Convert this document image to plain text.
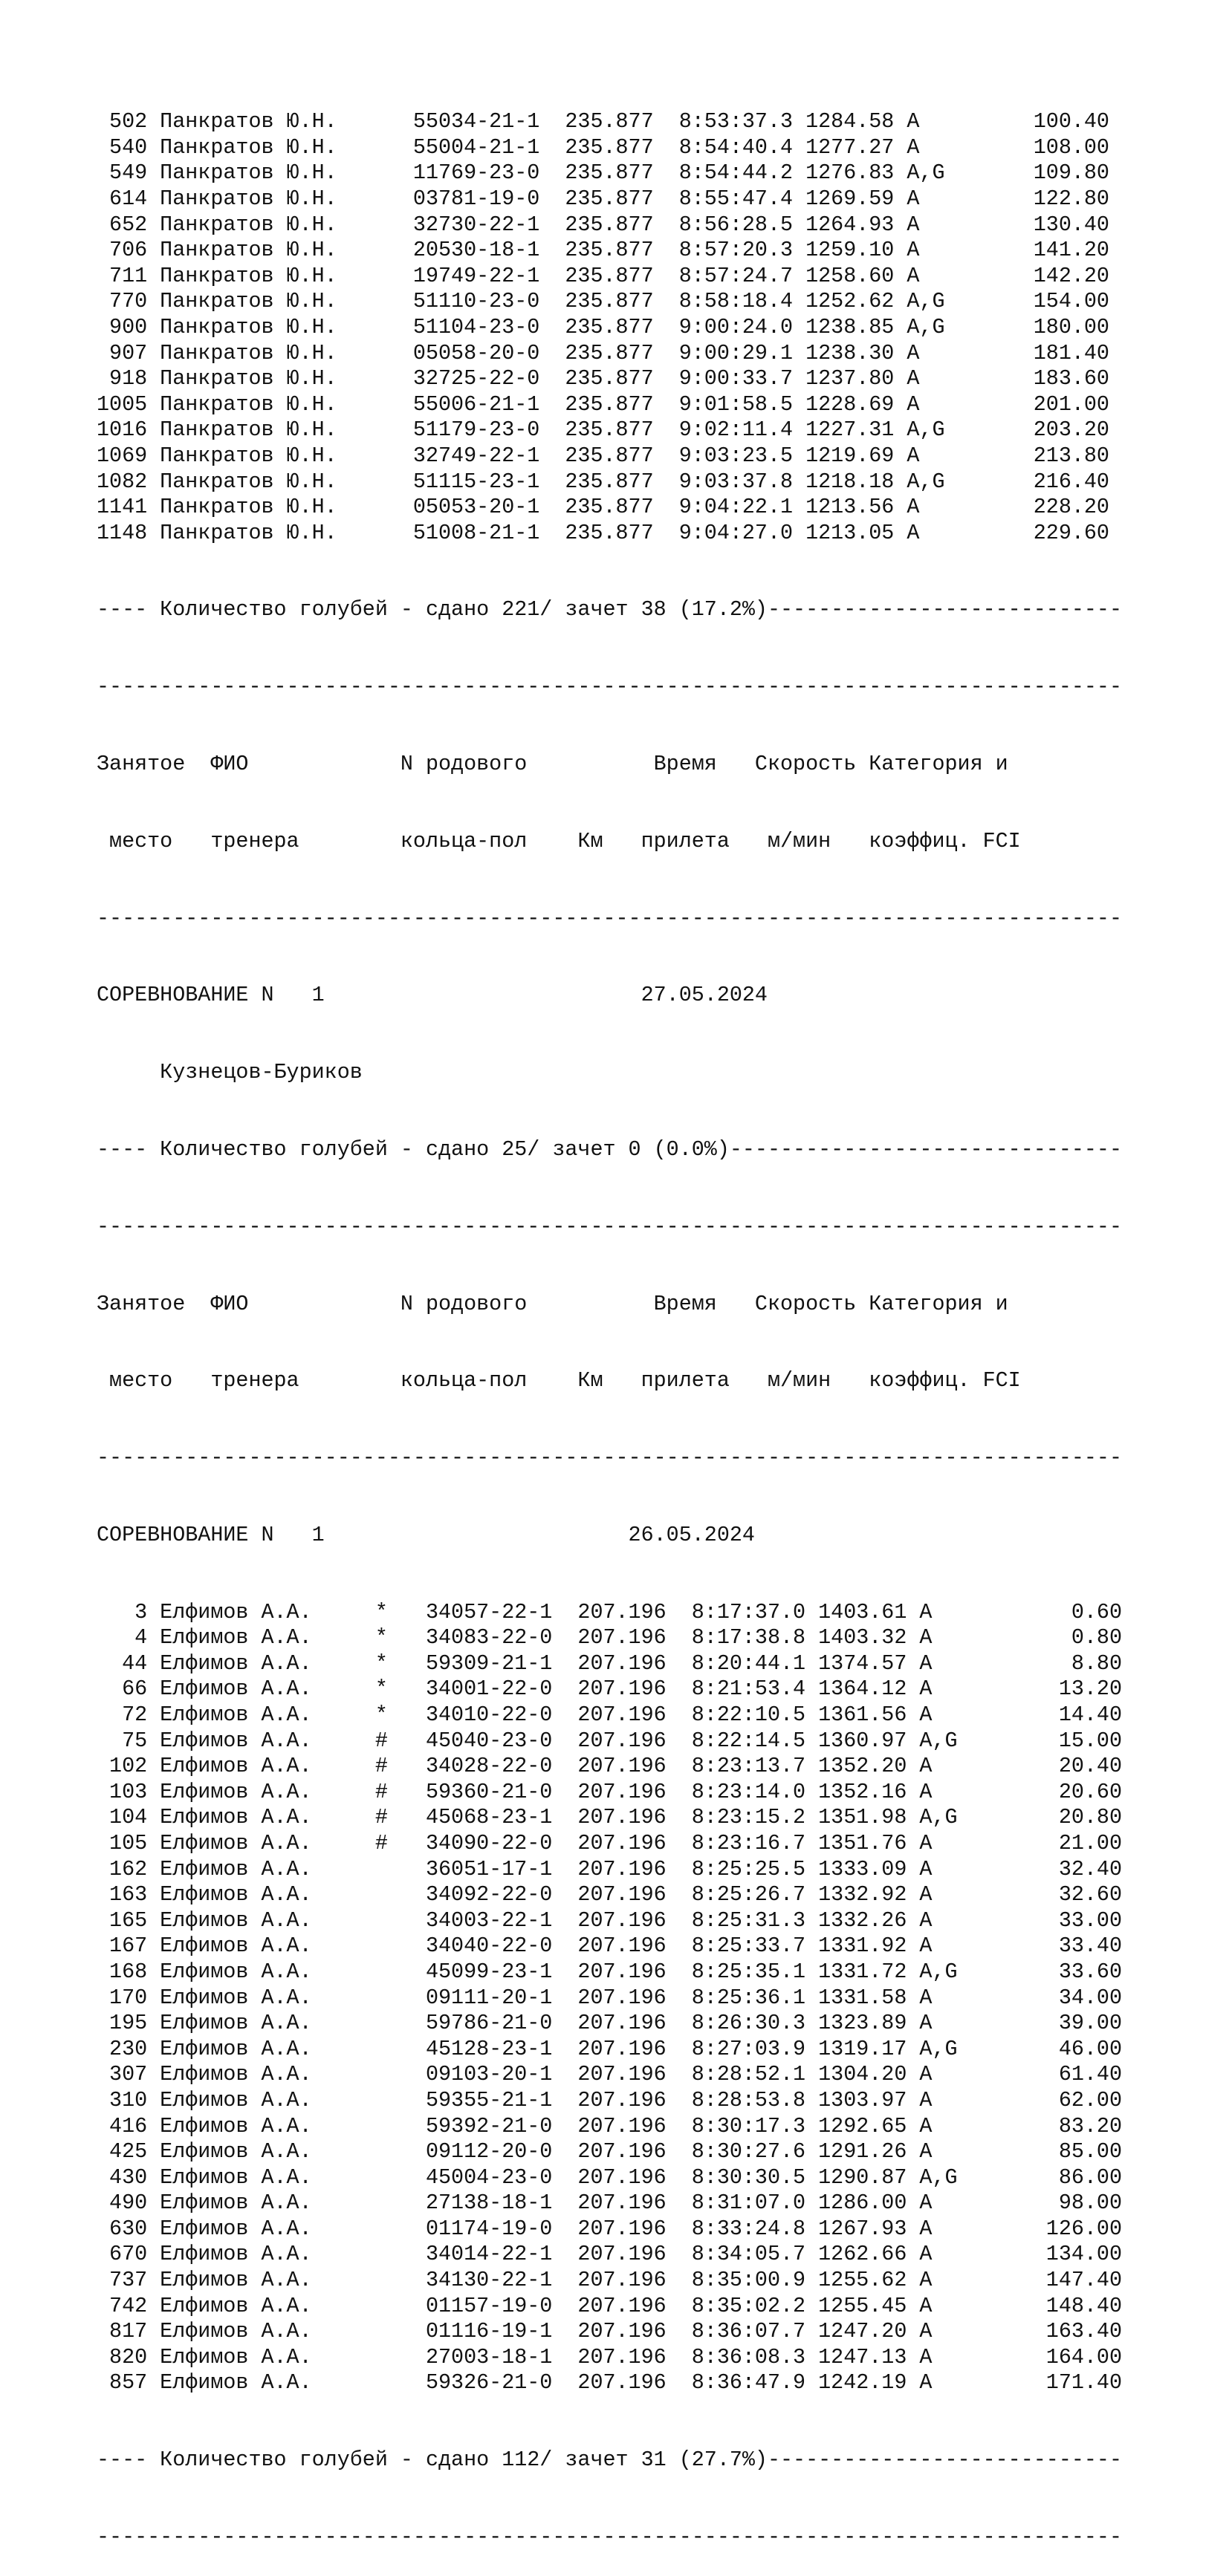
502 Панкратов Ю.Н.      55034-21-1  235.877  8:53:37.3 1284.58 A         100.40
540 Панкратов Ю.Н.      55004-21-1  235.877  8:54:40.4 1277.27 A         108.00
549 Панкратов Ю.Н.      11769-23-0  235.877  8:54:44.2 1276.83 A,G       109.80
614 Панкратов Ю.Н.      03781-19-0  235.877  8:55:47.4 1269.59 A         122.80
652 Панкратов Ю.Н.      32730-22-1  235.877  8:56:28.5 1264.93 A         130.40
706 Панкратов Ю.Н.      20530-18-1  235.877  8:57:20.3 1259.10 A         141.20
711 Панкратов Ю.Н.      19749-22-1  235.877  8:57:24.7 1258.60 A         142.20
770 Панкратов Ю.Н.      51110-23-0  235.877  8:58:18.4 1252.62 A,G       154.00
900 Панкратов Ю.Н.      51104-23-0  235.877  9:00:24.0 1238.85 A,G       180.00
907 Панкратов Ю.Н.      05058-20-0  235.877  9:00:29.1 1238.30 A         181.40
918 Панкратов Ю.Н.      32725-22-0  235.877  9:00:33.7 1237.80 A         183.60
1005 Панкратов Ю.Н.      55006-21-1  235.877  9:01:58.5 1228.69 A         201.00
1016 Панкратов Ю.Н.      51179-23-0  235.877  9:02:11.4 1227.31 A,G       203.20
1069 Панкратов Ю.Н.      32749-22-1  235.877  9:03:23.5 1219.69 A         213.80
1082 Панкратов Ю.Н.      51115-23-1  235.877  9:03:37.8 1218.18 A,G       216.40
1141 Панкратов Ю.Н.      05053-20-1  235.877  9:04:22.1 1213.56 A         228.20
1148 Панкратов Ю.Н.      51008-21-1  235.877  9:04:27.0 1213.05 A         229.60

---- Количество голубей - сдано 221/ зачет 38 (17.2%)----------------------------

---------------------------------------------------------------------------------

Занятое  ФИО            N родового          Время   Скорость Категория и

место   тренера        кольца-пол    Км   прилета   м/мин   коэффиц. FCI

---------------------------------------------------------------------------------

СОРЕВНОВАНИЕ N   1                         27.05.2024

Кузнецов-Буриков

---- Количество голубей - сдано 25/ зачет 0 (0.0%)-------------------------------

---------------------------------------------------------------------------------

Занятое  ФИО            N родового          Время   Скорость Категория и

место   тренера        кольца-пол    Км   прилета   м/мин   коэффиц. FCI

---------------------------------------------------------------------------------

СОРЕВНОВАНИЕ N   1                        26.05.2024

3 Елфимов А.А.     *   34057-22-1  207.196  8:17:37.0 1403.61 A           0.60
4 Елфимов А.А.     *   34083-22-0  207.196  8:17:38.8 1403.32 A           0.80
44 Елфимов А.А.     *   59309-21-1  207.196  8:20:44.1 1374.57 A           8.80
66 Елфимов А.А.     *   34001-22-0  207.196  8:21:53.4 1364.12 A          13.20
72 Елфимов А.А.     *   34010-22-0  207.196  8:22:10.5 1361.56 A          14.40
75 Елфимов А.А.     #   45040-23-0  207.196  8:22:14.5 1360.97 A,G        15.00
102 Елфимов А.А.     #   34028-22-0  207.196  8:23:13.7 1352.20 A          20.40
103 Елфимов А.А.     #   59360-21-0  207.196  8:23:14.0 1352.16 A          20.60
104 Елфимов А.А.     #   45068-23-1  207.196  8:23:15.2 1351.98 A,G        20.80
105 Елфимов А.А.     #   34090-22-0  207.196  8:23:16.7 1351.76 A          21.00
162 Елфимов А.А.         36051-17-1  207.196  8:25:25.5 1333.09 A          32.40
163 Елфимов А.А.         34092-22-0  207.196  8:25:26.7 1332.92 A          32.60
165 Елфимов А.А.         34003-22-1  207.196  8:25:31.3 1332.26 A          33.00
167 Елфимов А.А.         34040-22-0  207.196  8:25:33.7 1331.92 A          33.40
168 Елфимов А.А.         45099-23-1  207.196  8:25:35.1 1331.72 A,G        33.60
170 Елфимов А.А.         09111-20-1  207.196  8:25:36.1 1331.58 A          34.00
195 Елфимов А.А.         59786-21-0  207.196  8:26:30.3 1323.89 A          39.00
230 Елфимов А.А.         45128-23-1  207.196  8:27:03.9 1319.17 A,G        46.00
307 Елфимов А.А.         09103-20-1  207.196  8:28:52.1 1304.20 A          61.40
310 Елфимов А.А.         59355-21-1  207.196  8:28:53.8 1303.97 A          62.00
416 Елфимов А.А.         59392-21-0  207.196  8:30:17.3 1292.65 A          83.20
425 Елфимов А.А.         09112-20-0  207.196  8:30:27.6 1291.26 A          85.00
430 Елфимов А.А.         45004-23-0  207.196  8:30:30.5 1290.87 A,G        86.00
490 Елфимов А.А.         27138-18-1  207.196  8:31:07.0 1286.00 A          98.00
630 Елфимов А.А.         01174-19-0  207.196  8:33:24.8 1267.93 A         126.00
670 Елфимов А.А.         34014-22-1  207.196  8:34:05.7 1262.66 A         134.00
737 Елфимов А.А.         34130-22-1  207.196  8:35:00.9 1255.62 A         147.40
742 Елфимов А.А.         01157-19-0  207.196  8:35:02.2 1255.45 A         148.40
817 Елфимов А.А.         01116-19-1  207.196  8:36:07.7 1247.20 A         163.40
820 Елфимов А.А.         27003-18-1  207.196  8:36:08.3 1247.13 A         164.00
857 Елфимов А.А.         59326-21-0  207.196  8:36:47.9 1242.19 A         171.40

---- Количество голубей - сдано 112/ зачет 31 (27.7%)----------------------------

---------------------------------------------------------------------------------
